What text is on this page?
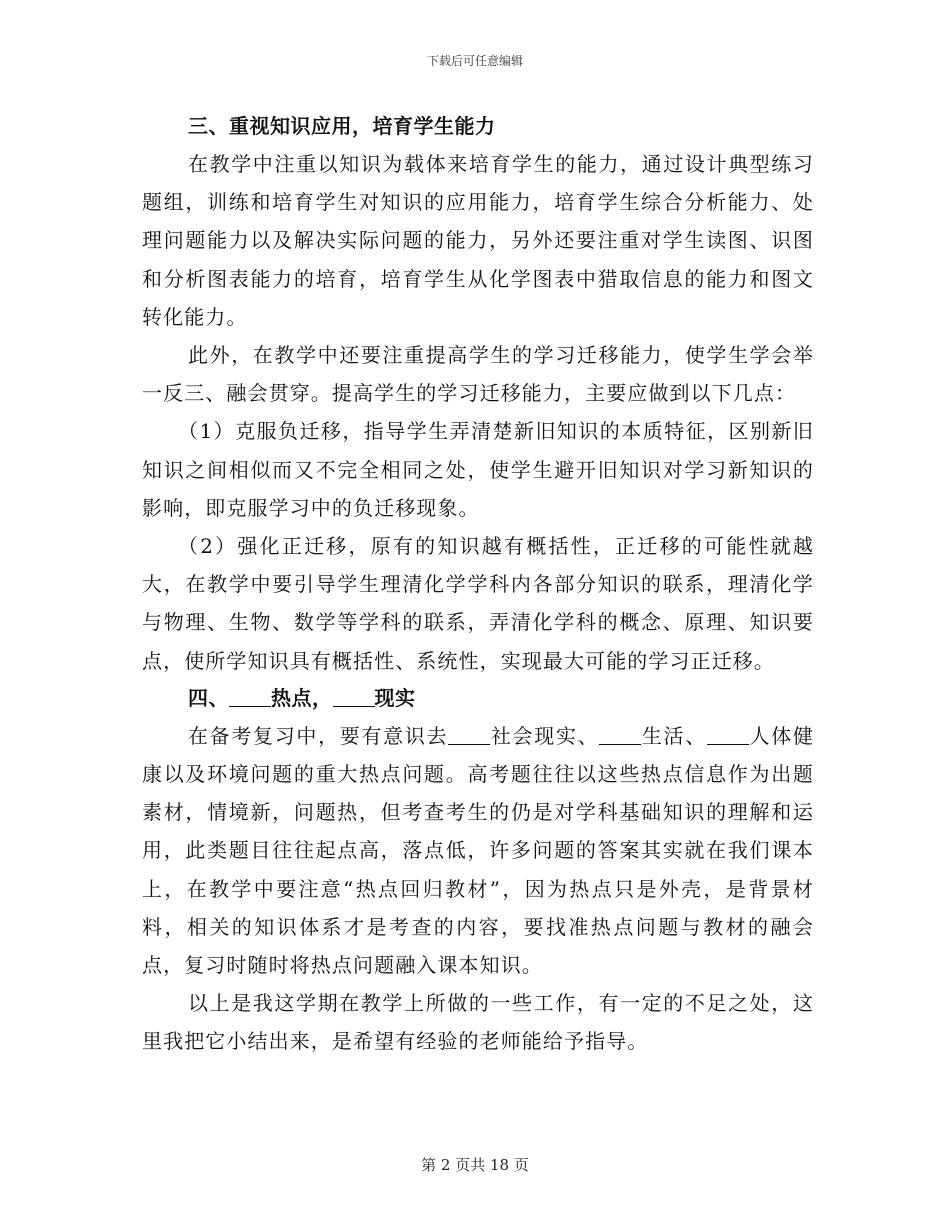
下载后可任意编辑
三、重视知识应用，培育学生能力

在教学中注重以知识为载体来培育学生的能力，通过设计典型练习题组，训练和培育学生对知识的应用能力，培育学生综合分析能力、处理问题能力以及解决实际问题的能力，另外还要注重对学生读图、识图和分析图表能力的培育，培育学生从化学图表中猎取信息的能力和图文转化能力。

此外，在教学中还要注重提高学生的学习迁移能力，使学生学会举一反三、融会贯穿。提高学生的学习迁移能力，主要应做到以下几点：

（1）克服负迁移，指导学生弄清楚新旧知识的本质特征，区别新旧知识之间相似而又不完全相同之处，使学生避开旧知识对学习新知识的影响，即克服学习中的负迁移现象。

（2）强化正迁移，原有的知识越有概括性，正迁移的可能性就越大，在教学中要引导学生理清化学学科内各部分知识的联系，理清化学与物理、生物、数学等学科的联系，弄清化学科的概念、原理、知识要点，使所学知识具有概括性、系统性，实现最大可能的学习正迁移。

四、 热点， 现实

在备考复习中，要有意识去 社会现实、 生活、 人体健康以及环境问题的重大热点问题。高考题往往以这些热点信息作为出题素材，情境新，问题热，但考查考生的仍是对学科基础知识的理解和运用，此类题目往往起点高，落点低，许多问题的答案其实就在我们课本上，在教学中要注意“热点回归教材”，因为热点只是外壳，是背景材料，相关的知识体系才是考查的内容，要找准热点问题与教材的融会点，复习时随时将热点问题融入课本知识。

以上是我这学期在教学上所做的一些工作，有一定的不足之处，这里我把它小结出来，是希望有经验的老师能给予指导。

第 2 页共 18 页
